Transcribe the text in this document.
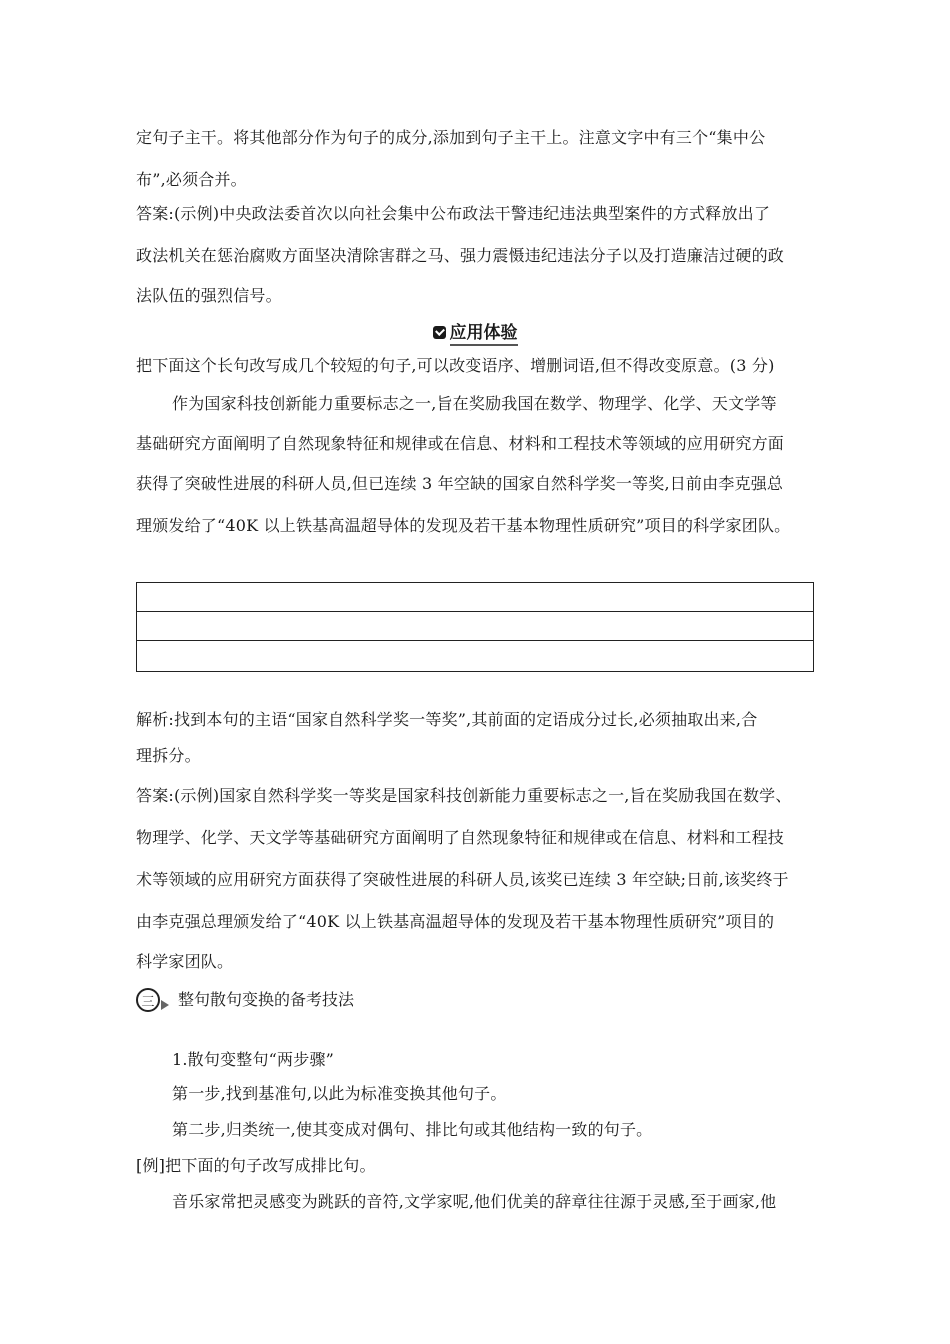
定句子主干。将其他部分作为句子的成分,添加到句子主干上。注意文字中有三个“集中公
布”,必须合并。
答案:(示例)中央政法委首次以向社会集中公布政法干警违纪违法典型案件的方式释放出了
政法机关在惩治腐败方面坚决清除害群之马、强力震慑违纪违法分子以及打造廉洁过硬的政
法队伍的强烈信号。
应用体验
把下面这个长句改写成几个较短的句子,可以改变语序、增删词语,但不得改变原意。(3 分)
作为国家科技创新能力重要标志之一,旨在奖励我国在数学、物理学、化学、天文学等
基础研究方面阐明了自然现象特征和规律或在信息、材料和工程技术等领域的应用研究方面
获得了突破性进展的科研人员,但已连续 3 年空缺的国家自然科学奖一等奖,日前由李克强总
理颁发给了“40K 以上铁基高温超导体的发现及若干基本物理性质研究”项目的科学家团队。
解析:找到本句的主语“国家自然科学奖一等奖”,其前面的定语成分过长,必须抽取出来,合
理拆分。
答案:(示例)国家自然科学奖一等奖是国家科技创新能力重要标志之一,旨在奖励我国在数学、
物理学、化学、天文学等基础研究方面阐明了自然现象特征和规律或在信息、材料和工程技
术等领域的应用研究方面获得了突破性进展的科研人员,该奖已连续 3 年空缺;日前,该奖终于
由李克强总理颁发给了“40K 以上铁基高温超导体的发现及若干基本物理性质研究”项目的
科学家团队。
三 整句散句变换的备考技法
1.散句变整句“两步骤”
第一步,找到基准句,以此为标准变换其他句子。
第二步,归类统一,使其变成对偶句、排比句或其他结构一致的句子。
[例]把下面的句子改写成排比句。
音乐家常把灵感变为跳跃的音符,文学家呢,他们优美的辞章往往源于灵感,至于画家,他
